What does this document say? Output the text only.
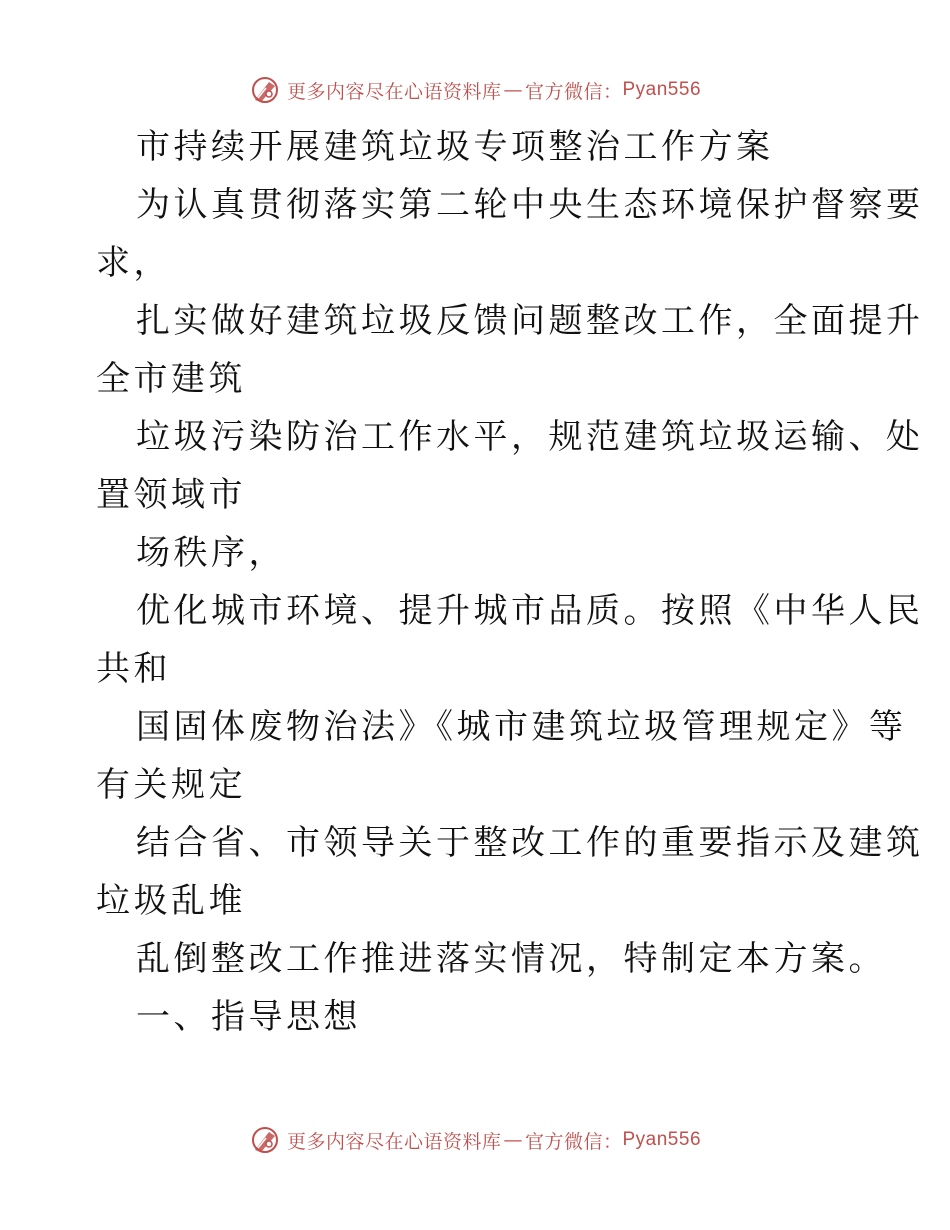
更多内容尽在心语资料库 — 官方微信： Pyan556

市持续开展建筑垃圾专项整治工作方案

为认真贯彻落实第二轮中央生态环境保护督察要

求，

扎实做好建筑垃圾反馈问题整改工作，全面提升

全市建筑

垃圾污染防治工作水平，规范建筑垃圾运输、处

置领域市

场秩序，

优化城市环境、提升城市品质。按照《中华人民

共和

国固体废物治法》《城市建筑垃圾管理规定》等

有关规定

结合省、市领导关于整改工作的重要指示及建筑

垃圾乱堆

乱倒整改工作推进落实情况，特制定本方案。

一、指导思想

更多内容尽在心语资料库 — 官方微信： Pyan556
